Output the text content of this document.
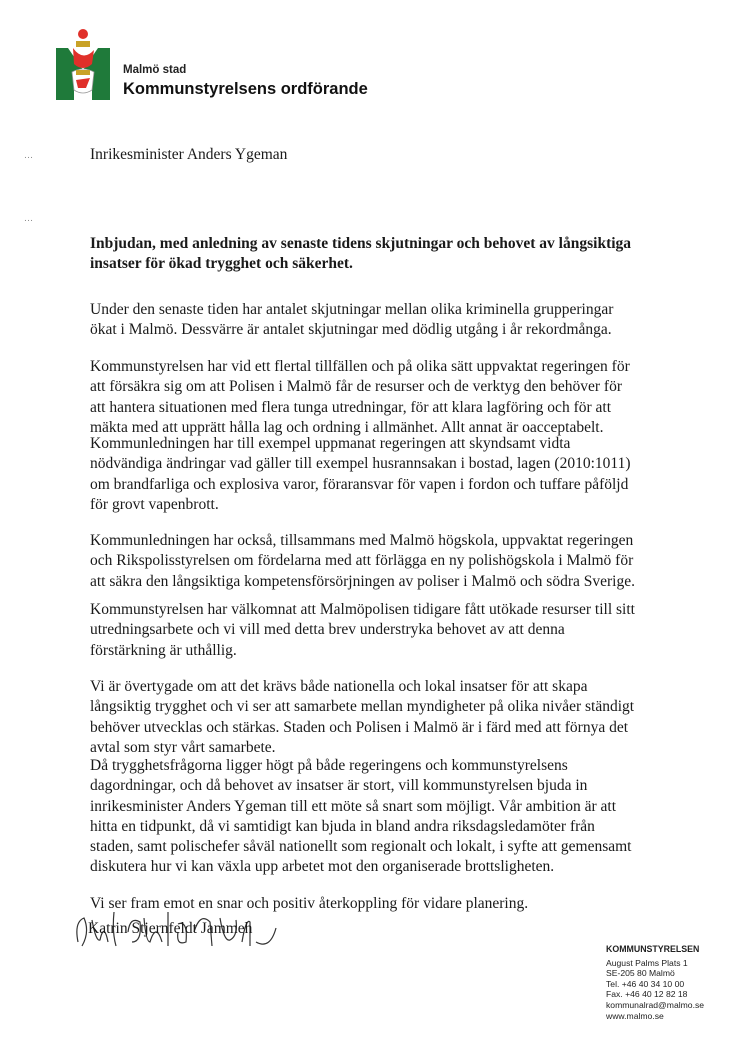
Malmö stad
Kommunstyrelsens ordförande
…
…
Inrikesminister Anders Ygeman
Inbjudan, med anledning av senaste tidens skjutningar och behovet av långsiktiga
insatser för ökad trygghet och säkerhet.
Under den senaste tiden har antalet skjutningar mellan olika kriminella grupperingar
ökat i Malmö. Dessvärre är antalet skjutningar med dödlig utgång i år rekordmånga.
Kommunstyrelsen har vid ett flertal tillfällen och på olika sätt uppvaktat regeringen för
att försäkra sig om att Polisen i Malmö får de resurser och de verktyg den behöver för
att hantera situationen med flera tunga utredningar, för att klara lagföring och för att
mäkta med att upprätt hålla lag och ordning i allmänhet. Allt annat är oacceptabelt.
Kommunledningen har till exempel uppmanat regeringen att skyndsamt vidta
nödvändiga ändringar vad gäller till exempel husrannsakan i bostad, lagen (2010:1011)
om brandfarliga och explosiva varor, föraransvar för vapen i fordon och tuffare påföljd
för grovt vapenbrott.
Kommunledningen har också, tillsammans med Malmö högskola, uppvaktat regeringen
och Rikspolisstyrelsen om fördelarna med att förlägga en ny polishögskola i Malmö för
att säkra den långsiktiga kompetensförsörjningen av poliser i Malmö och södra Sverige.
Kommunstyrelsen har välkomnat att Malmöpolisen tidigare fått utökade resurser till sitt
utredningsarbete och vi vill med detta brev understryka behovet av att denna
förstärkning är uthållig.
Vi är övertygade om att det krävs både nationella och lokal insatser för att skapa
långsiktig trygghet och vi ser att samarbete mellan myndigheter på olika nivåer ständigt
behöver utvecklas och stärkas. Staden och Polisen i Malmö är i färd med att förnya det
avtal som styr vårt samarbete.
Då trygghetsfrågorna ligger högt på både regeringens och kommunstyrelsens
dagordningar, och då behovet av insatser är stort, vill kommunstyrelsen bjuda in
inrikesminister Anders Ygeman till ett möte så snart som möjligt. Vår ambition är att
hitta en tidpunkt, då vi samtidigt kan bjuda in bland andra riksdagsledamöter från
staden, samt polischefer såväl nationellt som regionalt och lokalt, i syfte att gemensamt
diskutera hur vi kan växla upp arbetet mot den organiserade brottsligheten.
Vi ser fram emot en snar och positiv återkoppling för vidare planering.
Katrin Stjernfeldt Jammeh
KOMMUNSTYRELSEN
August Palms Plats 1
SE-205 80 Malmö
Tel. +46 40 34 10 00
Fax. +46 40 12 82 18
kommunalrad@malmo.se
www.malmo.se
